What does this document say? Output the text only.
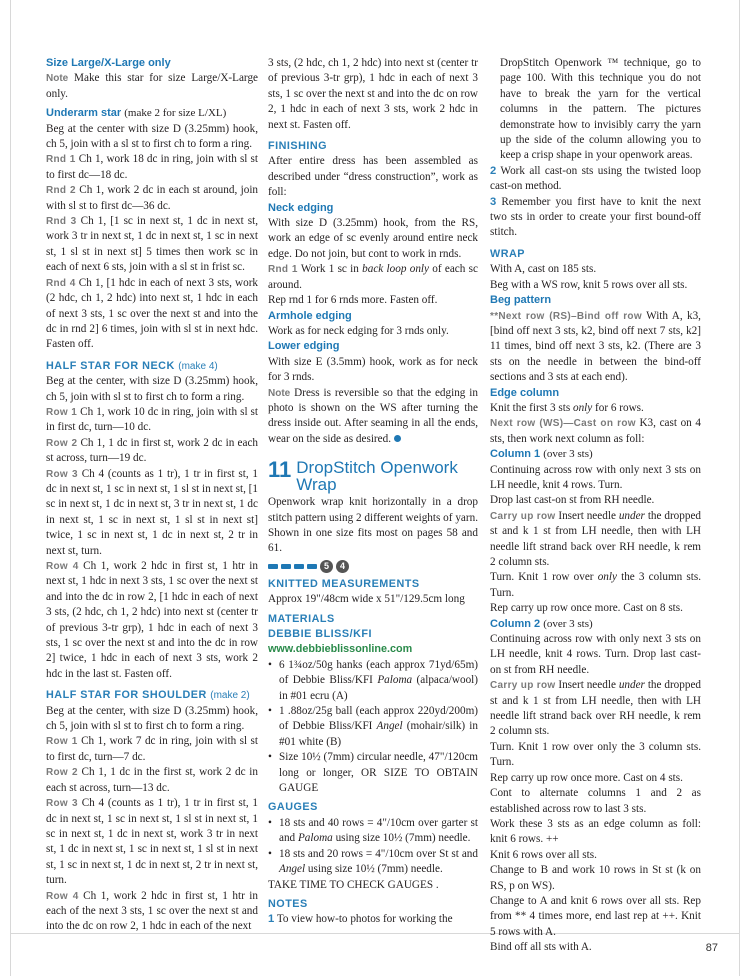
Size Large/X-Large only

Note Make this star for size Large/X-Large only.

Underarm star (make 2 for size L/XL)

Beg at the center with size D (3.25mm) hook, ch 5, join with a sl st to first ch to form a ring.

Rnd 1 Ch 1, work 18 dc in ring, join with sl st to first dc—18 dc.

Rnd 2 Ch 1, work 2 dc in each st around, join with sl st to first dc—36 dc.

Rnd 3 Ch 1, [1 sc in next st, 1 dc in next st, work 3 tr in next st, 1 dc in next st, 1 sc in next st, 1 sl st in next st] 5 times then work sc in each of next 6 sts, join with a sl st in frist sc.

Rnd 4 Ch 1, [1 hdc in each of next 3 sts, work (2 hdc, ch 1, 2 hdc) into next st, 1 hdc in each of next 3 sts, 1 sc over the next st and into the dc in rnd 2] 6 times, join with sl st in next hdc. Fasten off.

HALF STAR FOR NECK (make 4)

Beg at the center, with size D (3.25mm) hook, ch 5, join with sl st to first ch to form a ring.

Row 1 Ch 1, work 10 dc in ring, join with sl st in first dc, turn—10 dc.

Row 2 Ch 1, 1 dc in first st, work 2 dc in each st across, turn—19 dc.

Row 3 Ch 4 (counts as 1 tr), 1 tr in first st, 1 dc in next st, 1 sc in next st, 1 sl st in next st, [1 sc in next st, 1 dc in next st, 3 tr in next st, 1 dc in next st, 1 sc in next st, 1 sl st in next st] twice, 1 sc in next st, 1 dc in next st, 2 tr in next st, turn.

Row 4 Ch 1, work 2 hdc in first st, 1 htr in next st, 1 hdc in next 3 sts, 1 sc over the next st and into the dc in row 2, [1 hdc in each of next 3 sts, (2 hdc, ch 1, 2 hdc) into next st (center tr of previous 3-tr grp), 1 hdc in each of next 3 sts, 1 sc over the next st and into the dc in row 2] twice, 1 hdc in each of next 3 sts, work 2 hdc in the last st. Fasten off.

HALF STAR FOR SHOULDER (make 2)

Beg at the center, with size D (3.25mm) hook, ch 5, join with sl st to first ch to form a ring.

Row 1 Ch 1, work 7 dc in ring, join with sl st to first dc, turn—7 dc.

Row 2 Ch 1, 1 dc in the first st, work 2 dc in each st across, turn—13 dc.

Row 3 Ch 4 (counts as 1 tr), 1 tr in first st, 1 dc in next st, 1 sc in next st, 1 sl st in next st, 1 sc in next st, 1 dc in next st, work 3 tr in next st, 1 dc in next st, 1 sc in next st, 1 sl st in next st, 1 sc in next st, 1 dc in next st, 2 tr in next st, turn.

Row 4 Ch 1, work 2 hdc in first st, 1 htr in each of the next 3 sts, 1 sc over the next st and into the dc on row 2, 1 hdc in each of the next

3 sts, (2 hdc, ch 1, 2 hdc) into next st (center tr of previous 3-tr grp), 1 hdc in each of next 3 sts, 1 sc over the next st and into the dc on row 2, 1 hdc in each of next 3 sts, work 2 hdc in next st. Fasten off.

FINISHING

After entire dress has been assembled as described under “dress construction”, work as foll:

Neck edging

With size D (3.25mm) hook, from the RS, work an edge of sc evenly around entire neck edge. Do not join, but cont to work in rnds.

Rnd 1 Work 1 sc in back loop only of each sc around.

Rep rnd 1 for 6 rnds more. Fasten off.

Armhole edging

Work as for neck edging for 3 rnds only.

Lower edging

With size E (3.5mm) hook, work as for neck for 3 rnds.

Note Dress is reversible so that the edging in photo is shown on the WS after turning the dress inside out. After seaming in all the ends, wear on the side as desired.

11 DropStitch Openwork Wrap

Openwork wrap knit horizontally in a drop stitch pattern using 2 different weights of yarn. Shown in one size fits most on pages 58 and 61.

5	4

KNITTED MEASUREMENTS

Approx 19"/48cm wide x 51"/129.5cm long

MATERIALS

DEBBIE BLISS/KFI

www.debbieblissonline.com

• 6 1¾oz/50g hanks (each approx 71yd/65m) of Debbie Bliss/KFI Paloma (alpaca/wool) in #01 ecru (A)
• 1 .88oz/25g ball (each approx 220yd/200m) of Debbie Bliss/KFI Angel (mohair/silk) in #01 white (B)
• Size 10½ (7mm) circular needle, 47"/120cm long or longer, OR SIZE TO OBTAIN GAUGE

GAUGES

• 18 sts and 40 rows = 4"/10cm over garter st and Paloma using size 10½ (7mm) needle.
• 18 sts and 20 rows = 4"/10cm over St st and Angel using size 10½ (7mm) needle.

TAKE TIME TO CHECK GAUGES .

NOTES

1 To view how-to photos for working the

DropStitch Openwork ™ technique, go to page 100. With this technique you do not have to break the yarn for the vertical columns in the pattern. The pictures demonstrate how to invisibly carry the yarn up the side of the column allowing you to keep a crisp shape in your openwork areas.

2 Work all cast-on sts using the twisted loop cast-on method.

3 Remember you first have to knit the next two sts in order to create your first bound-off stitch.

WRAP

With A, cast on 185 sts.

Beg with a WS row, knit 5 rows over all sts.

Beg pattern

**Next row (RS)–Bind off row With A, k3, [bind off next 3 sts, k2, bind off next 7 sts, k2] 11 times, bind off next 3 sts, k2. (There are 3 sts on the needle in between the bind-off sections and 3 sts at each end).

Edge column

Knit the first 3 sts only for 6 rows.

Next row (WS)—Cast on row K3, cast on 4 sts, then work next column as foll:

Column 1 (over 3 sts)

Continuing across row with only next 3 sts on LH needle, knit 4 rows. Turn.

Drop last cast-on st from RH needle.

Carry up row Insert needle under the dropped st and k 1 st from LH needle, then with LH needle lift strand back over RH needle, k rem 2 column sts.

Turn. Knit 1 row over only the 3 column sts. Turn.

Rep carry up row once more. Cast on 8 sts.

Column 2 (over 3 sts)

Continuing across row with only next 3 sts on LH needle, knit 4 rows. Turn. Drop last cast-on st from RH needle.

Carry up row Insert needle under the dropped st and k 1 st from LH needle, then with LH needle lift strand back over RH needle, k rem 2 column sts.

Turn. Knit 1 row over only the 3 column sts. Turn.

Rep carry up row once more. Cast on 4 sts.

Cont to alternate columns 1 and 2 as established across row to last 3 sts.

Work these 3 sts as an edge column as foll: knit 6 rows. ++

Knit 6 rows over all sts.

Change to B and work 10 rows in St st (k on RS, p on WS).

Change to A and knit 6 rows over all sts. Rep from ** 4 times more, end last rep at ++. Knit 5 rows with A.

Bind off all sts with A.	87
